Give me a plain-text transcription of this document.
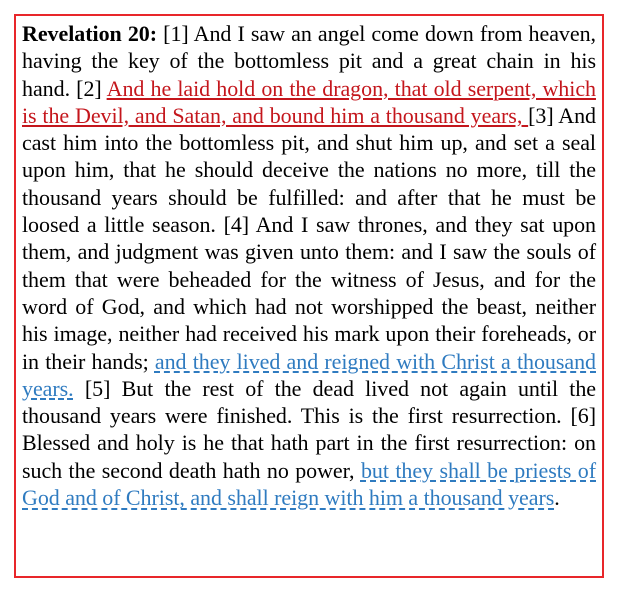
Revelation 20: [1] And I saw an angel come down from heaven, having the key of the bottomless pit and a great chain in his hand. [2] And he laid hold on the dragon, that old serpent, which is the Devil, and Satan, and bound him a thousand years, [3] And cast him into the bottomless pit, and shut him up, and set a seal upon him, that he should deceive the nations no more, till the thousand years should be fulfilled: and after that he must be loosed a little season. [4] And I saw thrones, and they sat upon them, and judgment was given unto them: and I saw the souls of them that were beheaded for the witness of Jesus, and for the word of God, and which had not worshipped the beast, neither his image, neither had received his mark upon their foreheads, or in their hands; and they lived and reigned with Christ a thousand years. [5] But the rest of the dead lived not again until the thousand years were finished. This is the first resurrection. [6] Blessed and holy is he that hath part in the first resurrection: on such the second death hath no power, but they shall be priests of God and of Christ, and shall reign with him a thousand years.
